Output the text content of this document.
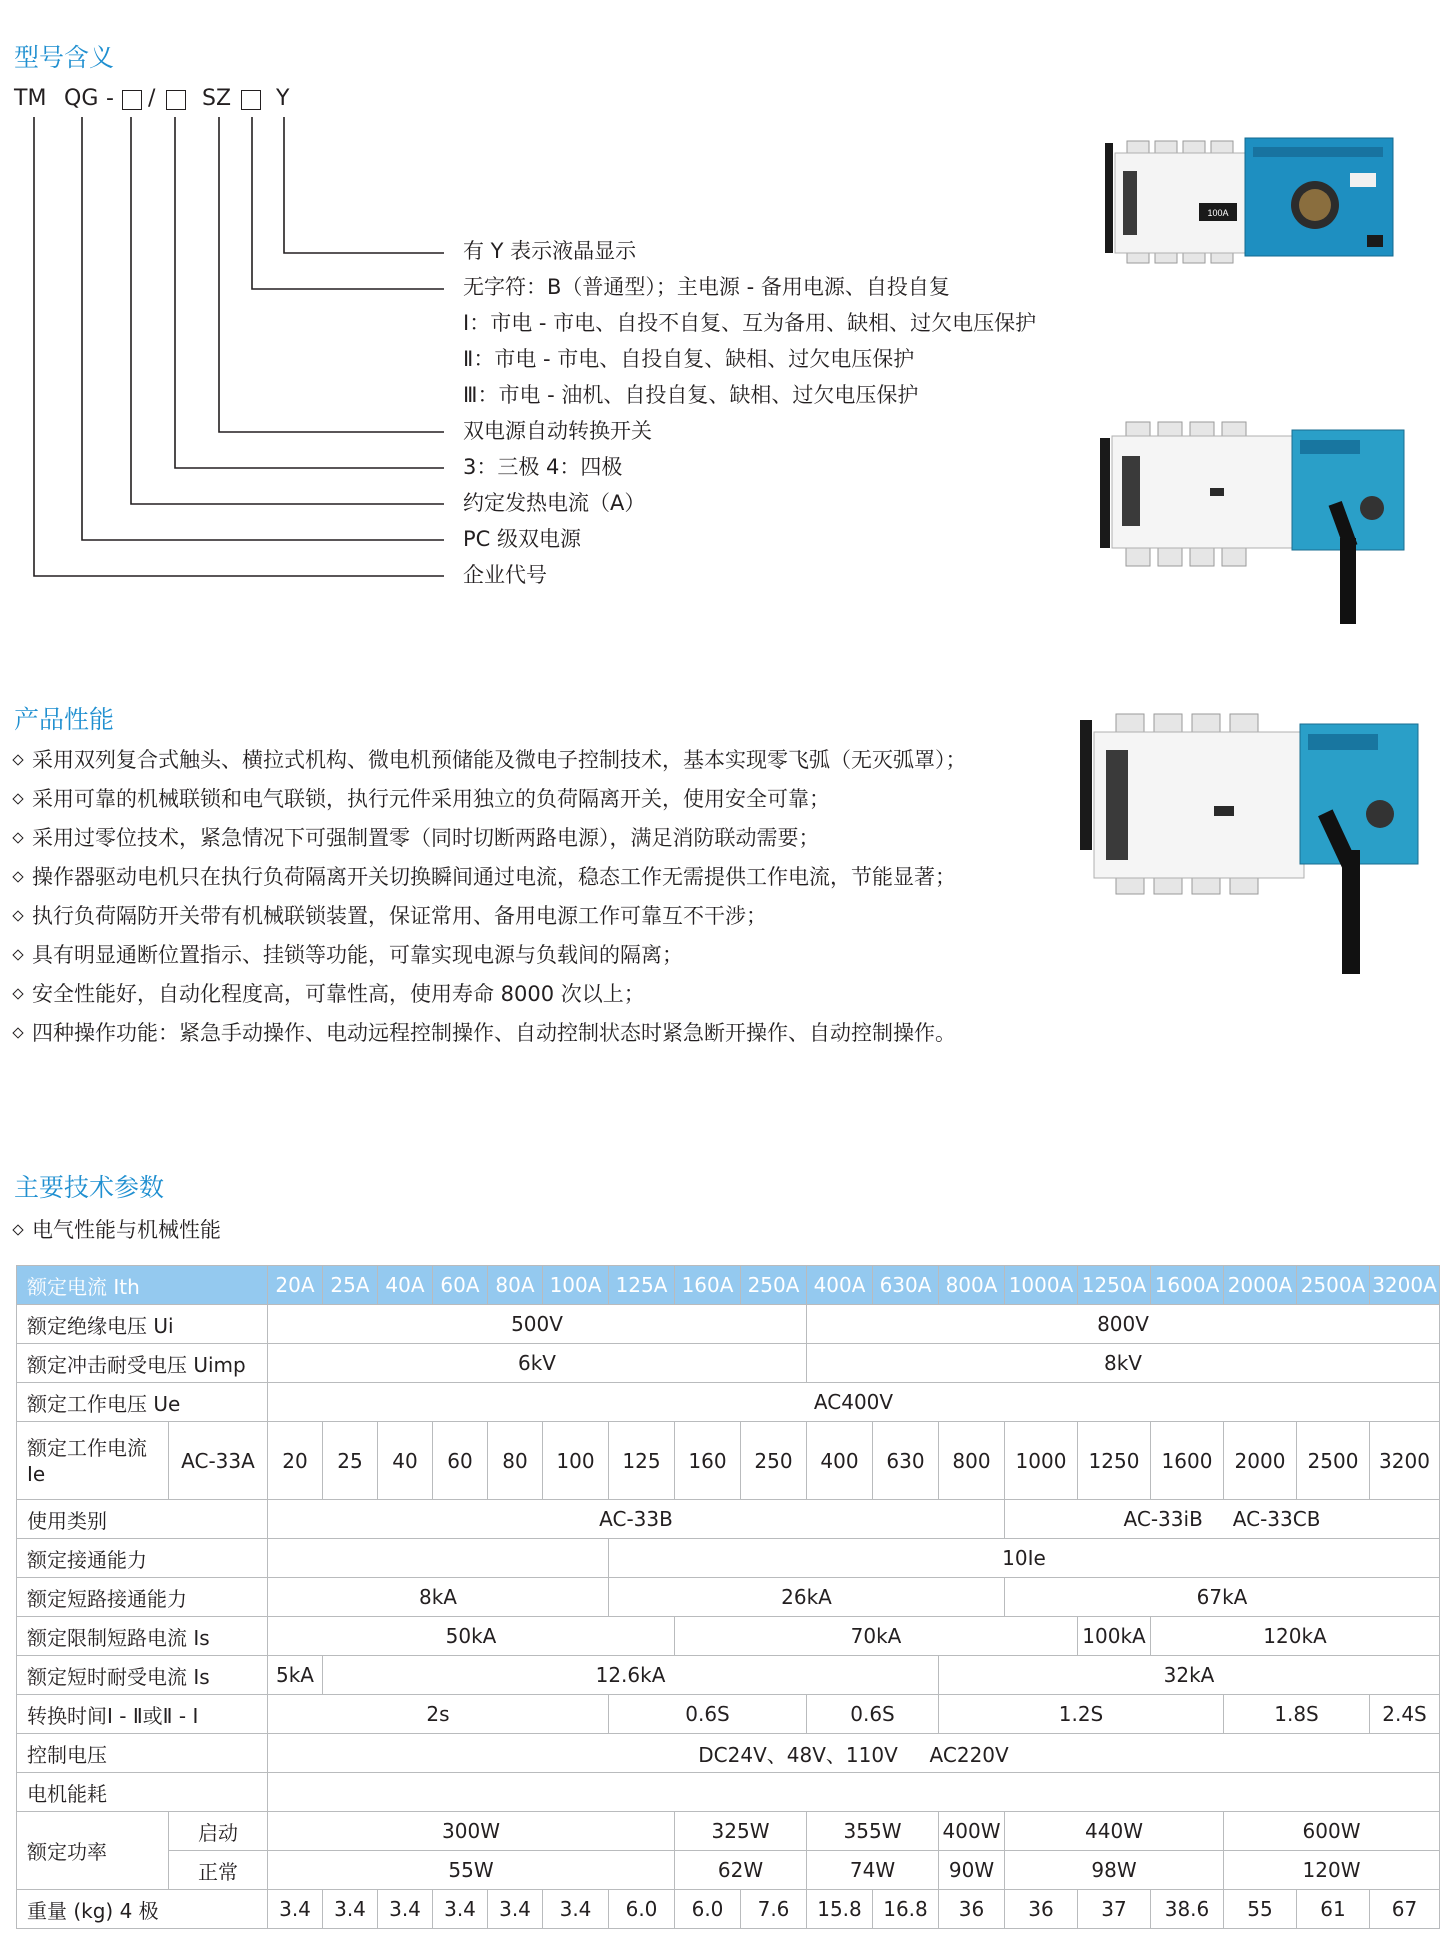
型号含义
TM QG - / SZ Y
有 Y 表示液晶显示
无字符：B（普通型）；主电源 - 备用电源、自投自复
Ⅰ：市电 - 市电、自投不自复、互为备用、缺相、过欠电压保护
Ⅱ：市电 - 市电、自投自复、缺相、过欠电压保护
Ⅲ：市电 - 油机、自投自复、缺相、过欠电压保护
双电源自动转换开关
3：三极 4：四极
约定发热电流（A）
PC 级双电源
企业代号
100A
产品性能
采用双列复合式触头、横拉式机构、微电机预储能及微电子控制技术，基本实现零飞弧（无灭弧罩）；
采用可靠的机械联锁和电气联锁，执行元件采用独立的负荷隔离开关，使用安全可靠；
采用过零位技术，紧急情况下可强制置零（同时切断两路电源），满足消防联动需要；
操作器驱动电机只在执行负荷隔离开关切换瞬间通过电流，稳态工作无需提供工作电流，节能显著；
执行负荷隔防开关带有机械联锁装置，保证常用、备用电源工作可靠互不干涉；
具有明显通断位置指示、挂锁等功能，可靠实现电源与负载间的隔离；
安全性能好，自动化程度高，可靠性高，使用寿命 8000 次以上；
四种操作功能：紧急手动操作、电动远程控制操作、自动控制状态时紧急断开操作、自动控制操作。
主要技术参数
电气性能与机械性能
额定电流 Ith		20A	25A	40A	60A	80A	100A	125A	160A	250A	400A	630A	800A	1000A	1250A	1600A	2000A	2500A	3200A
额定绝缘电压 Ui		500V									800V								
额定冲击耐受电压 Uimp		6kV									8kV								
额定工作电压 Ue		AC400V																	
额定工作电流 Ie	AC-33A	20	25	40	60	80	100	125	160	250	400	630	800	1000	1250	1600	2000	2500	3200
使用类别		AC-33B												AC-33iB AC-33CB					
额定接通能力								10Ie											
额定短路接通能力		8kA						26kA						67kA					
额定限制短路电流 Is		50kA							70kA						100kA	120kA			
额定短时耐受电流 Is		5kA	12.6kA										32kA						
转换时间Ⅰ - Ⅱ或Ⅱ - Ⅰ		2s						0.6S			0.6S		1.2S				1.8S		2.4S
控制电压		DC24V、48V、110V     AC220V																	
电机能耗																			
额定功率	启动	300W							325W		355W		400W	440W			600W		
	正常	55W							62W		74W		90W	98W			120W		
重量 (kg) 4 极		3.4	3.4	3.4	3.4	3.4	3.4	6.0	6.0	7.6	15.8	16.8	36	36	37	38.6	55	61	67
